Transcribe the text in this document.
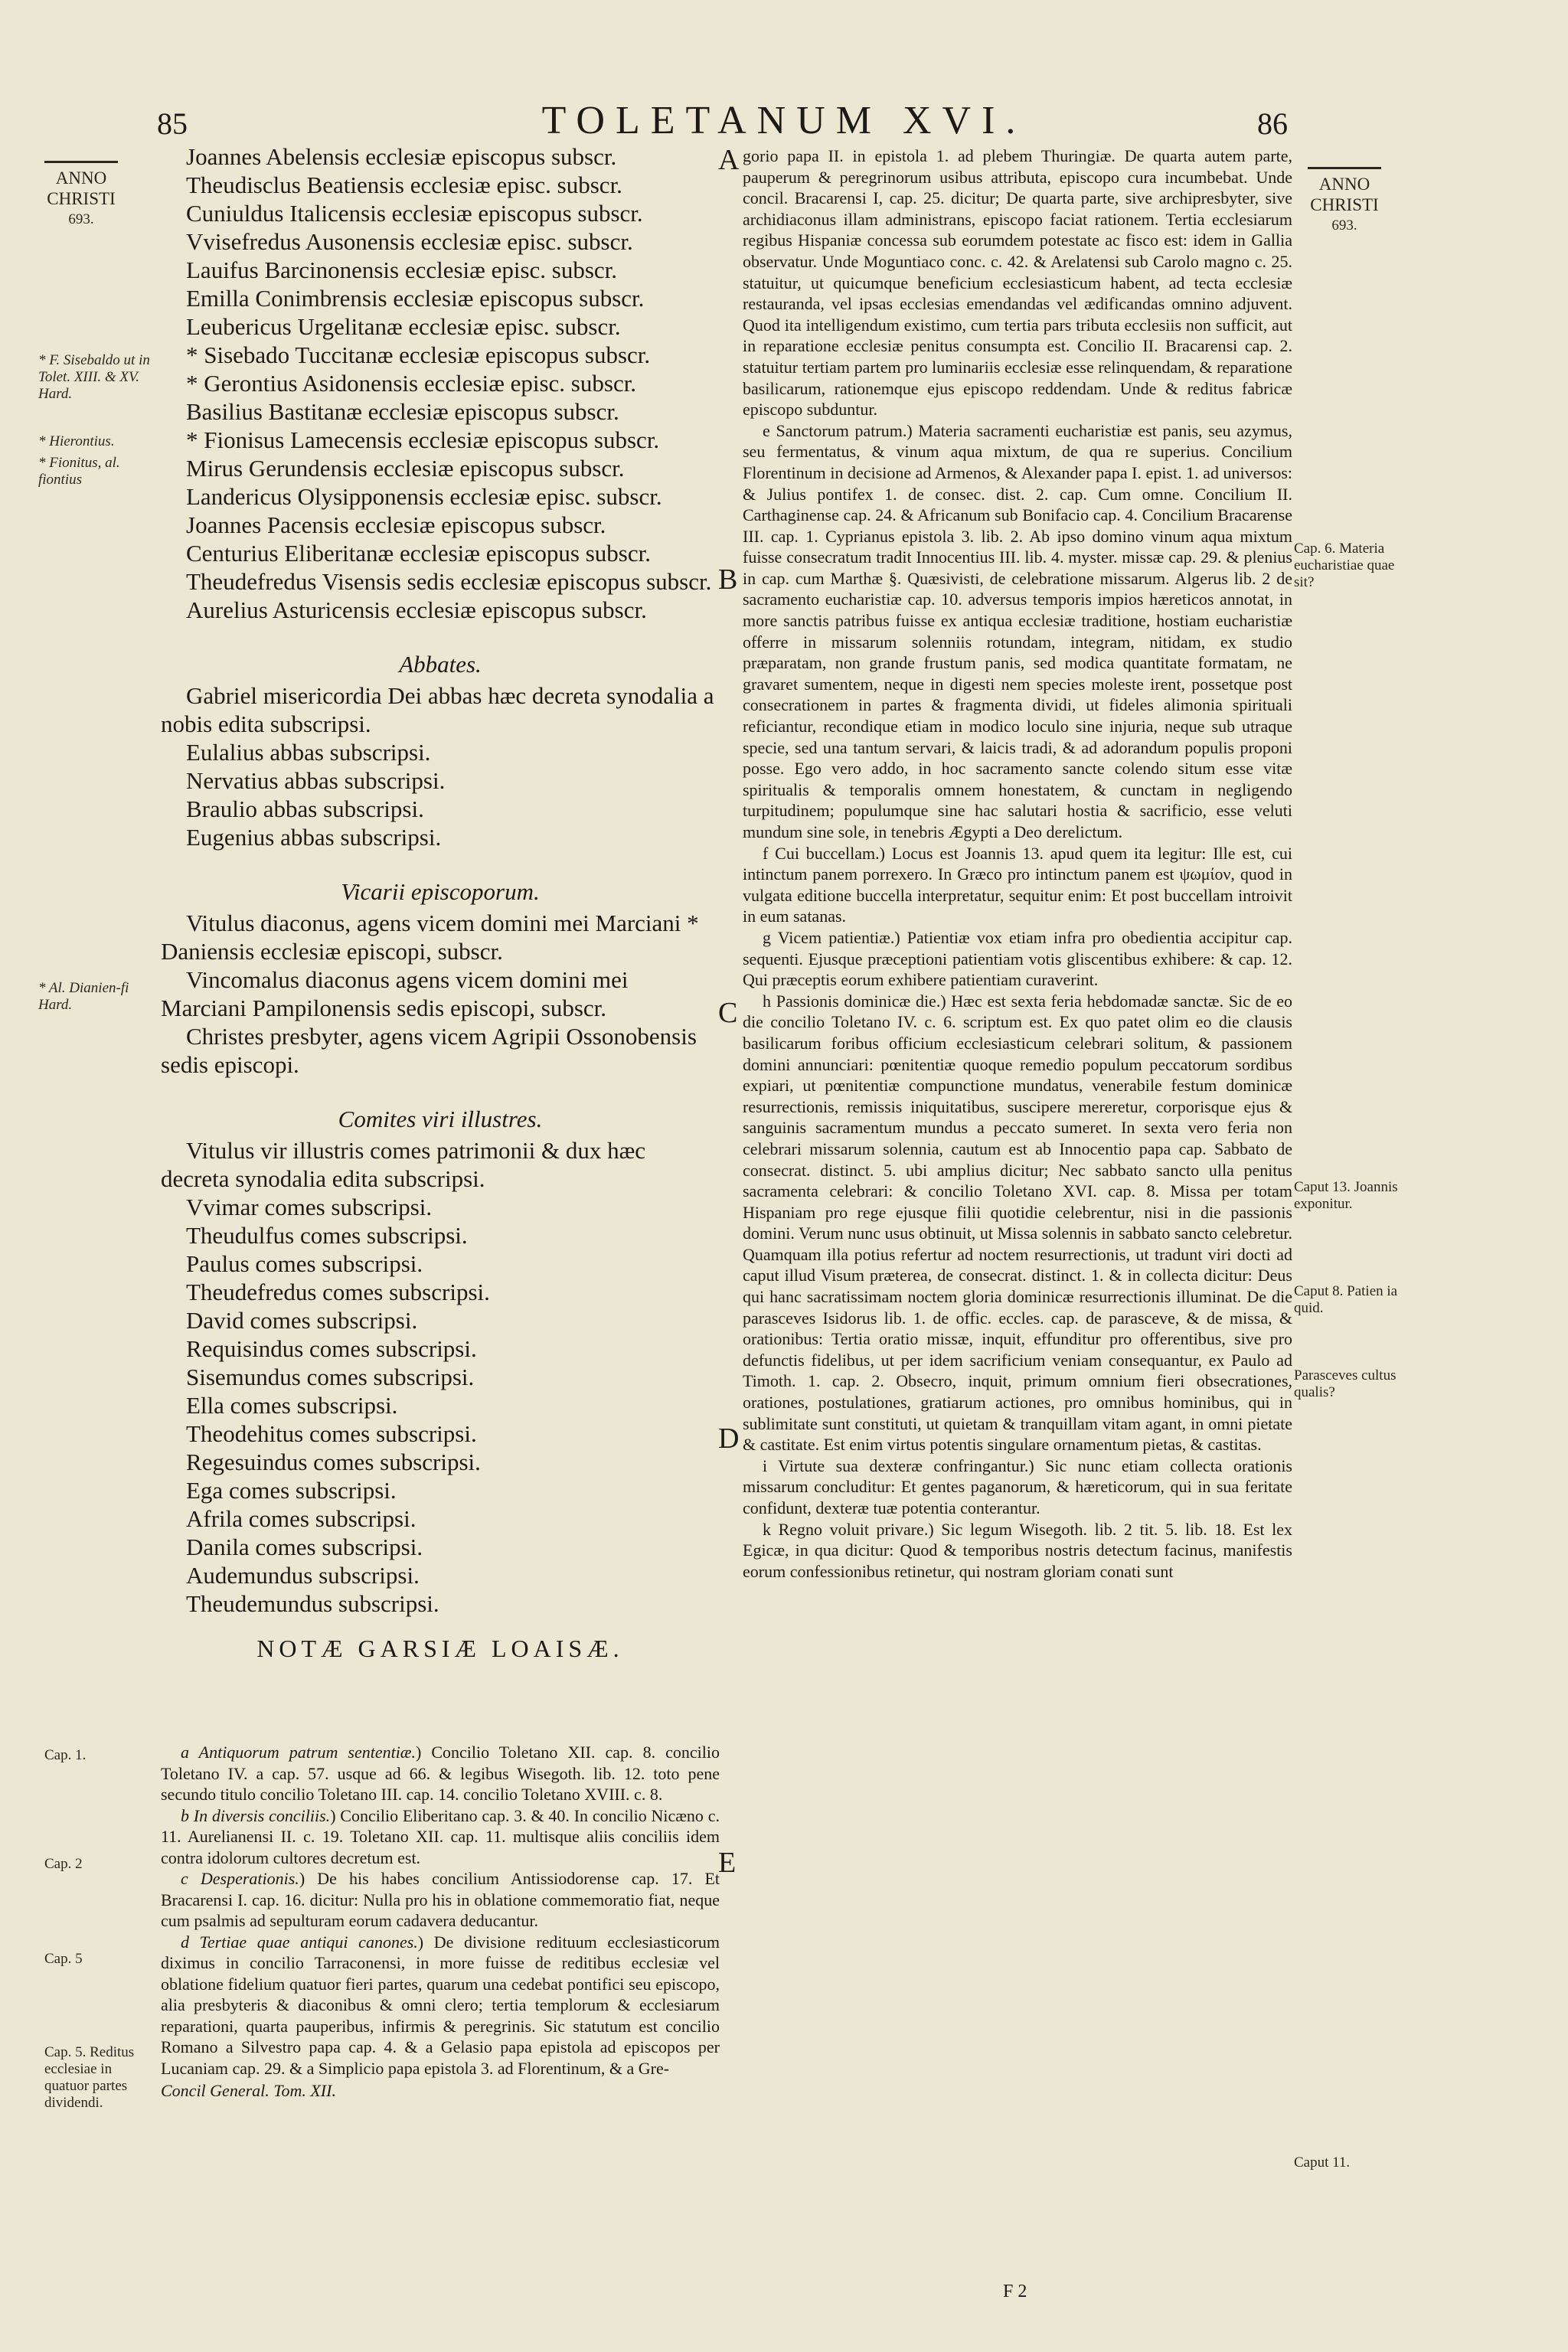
85	TOLETANUM XVI.	86
ANNO
CHRISTI
693.
* F. Sisebaldo ut in Tolet. XIII. & XV. Hard.
* Hierontius.
* Fionitus, al. fiontius
* Al. Dianien-fi Hard.
Cap. 1.
Cap. 2
Cap. 5
Cap. 5. Reditus ecclesiae in quatuor partes dividendi.
ANNO
CHRISTI
693.
Cap. 6. Materia eucharistiae quae sit?
Caput 13. Joannis exponitur.
Caput 8. Patien ia quid.
Parasceves cultus qualis?
Caput 11.
A
B
C
D
E
Joannes Abelensis ecclesiæ episcopus subscr.
Theudisclus Beatiensis ecclesiæ episc. subscr.
Cuniuldus Italicensis ecclesiæ episcopus subscr.
Vvisefredus Ausonensis ecclesiæ episc. subscr.
Lauifus Barcinonensis ecclesiæ episc. subscr.
Emilla Conimbrensis ecclesiæ episcopus subscr.
Leubericus Urgelitanæ ecclesiæ episc. subscr.
* Sisebado Tuccitanæ ecclesiæ episcopus subscr.
* Gerontius Asidonensis ecclesiæ episc. subscr.
Basilius Bastitanæ ecclesiæ episcopus subscr.
* Fionisus Lamecensis ecclesiæ episcopus subscr.
Mirus Gerundensis ecclesiæ episcopus subscr.
Landericus Olysipponensis ecclesiæ episc. subscr.
Joannes Pacensis ecclesiæ episcopus subscr.
Centurius Eliberitanæ ecclesiæ episcopus subscr.
Theudefredus Visensis sedis ecclesiæ episcopus subscr.
Aurelius Asturicensis ecclesiæ episcopus subscr.
Abbates.
Gabriel misericordia Dei abbas hæc decreta synodalia a nobis edita subscripsi.
Eulalius abbas subscripsi.
Nervatius abbas subscripsi.
Braulio abbas subscripsi.
Eugenius abbas subscripsi.
Vicarii episcoporum.
Vitulus diaconus, agens vicem domini mei Marciani * Daniensis ecclesiæ episcopi, subscr.
Vincomalus diaconus agens vicem domini mei Marciani Pampilonensis sedis episcopi, subscr.
Christes presbyter, agens vicem Agripii Ossonobensis sedis episcopi.
Comites viri illustres.
Vitulus vir illustris comes patrimonii & dux hæc decreta synodalia edita subscripsi.
Vvimar comes subscripsi.
Theudulfus comes subscripsi.
Paulus comes subscripsi.
Theudefredus comes subscripsi.
David comes subscripsi.
Requisindus comes subscripsi.
Sisemundus comes subscripsi.
Ella comes subscripsi.
Theodehitus comes subscripsi.
Regesuindus comes subscripsi.
Ega comes subscripsi.
Afrila comes subscripsi.
Danila comes subscripsi.
Audemundus subscripsi.
Theudemundus subscripsi.
NOTÆ GARSIÆ LOAISÆ.

a Antiquorum patrum sententiæ.) Concilio Toletano XII. cap. 8. concilio Toletano IV. a cap. 57. usque ad 66. & legibus Wisegoth. lib. 12. toto pene secundo titulo concilio Toletano III. cap. 14. concilio Toletano XVIII. c. 8.

b In diversis conciliis.) Concilio Eliberitano cap. 3. & 40. In concilio Nicæno c. 11. Aurelianensi II. c. 19. Toletano XII. cap. 11. multisque aliis conciliis idem contra idolorum cultores decretum est.

c Desperationis.) De his habes concilium Antissiodorense cap. 17. Et Bracarensi I. cap. 16. dicitur: Nulla pro his in oblatione commemoratio fiat, neque cum psalmis ad sepulturam eorum cadavera deducantur.

d Tertiae quae antiqui canones.) De divisione redituum ecclesiasticorum diximus in concilio Tarraconensi, in more fuisse de reditibus ecclesiæ vel oblatione fidelium quatuor fieri partes, quarum una cedebat pontifici seu episcopo, alia presbyteris & diaconibus & omni clero; tertia templorum & ecclesiarum reparationi, quarta pauperibus, infirmis & peregrinis. Sic statutum est concilio Romano a Silvestro papa cap. 4. & a Gelasio papa epistola ad episcopos per Lucaniam cap. 29. & a Simplicio papa epistola 3. ad Florentinum, & a Gre-

Concil General. Tom. XII.

gorio papa II. in epistola 1. ad plebem Thuringiæ. De quarta autem parte, pauperum & peregrinorum usibus attributa, episcopo cura incumbebat. Unde concil. Bracarensi I, cap. 25. dicitur; De quarta parte, sive archipresbyter, sive archidiaconus illam administrans, episcopo faciat rationem. Tertia ecclesiarum regibus Hispaniæ concessa sub eorumdem potestate ac fisco est: idem in Gallia observatur. Unde Moguntiaco conc. c. 42. & Arelatensi sub Carolo magno c. 25. statuitur, ut quicumque beneficium ecclesiasticum habent, ad tecta ecclesiæ restauranda, vel ipsas ecclesias emendandas vel ædificandas omnino adjuvent. Quod ita intelligendum existimo, cum tertia pars tributa ecclesiis non sufficit, aut in reparatione ecclesiæ penitus consumpta est. Concilio II. Bracarensi cap. 2. statuitur tertiam partem pro luminariis ecclesiæ esse relinquendam, & reparatione basilicarum, rationemque ejus episcopo reddendam. Unde & reditus fabricæ episcopo subduntur.

e Sanctorum patrum.) Materia sacramenti eucharistiæ est panis, seu azymus, seu fermentatus, & vinum aqua mixtum, de qua re superius. Concilium Florentinum in decisione ad Armenos, & Alexander papa I. epist. 1. ad universos: & Julius pontifex 1. de consec. dist. 2. cap. Cum omne. Concilium II. Carthaginense cap. 24. & Africanum sub Bonifacio cap. 4. Concilium Bracarense III. cap. 1. Cyprianus epistola 3. lib. 2. Ab ipso domino vinum aqua mixtum fuisse consecratum tradit Innocentius III. lib. 4. myster. missæ cap. 29. & plenius in cap. cum Marthæ §. Quæsivisti, de celebratione missarum. Algerus lib. 2 de sacramento eucharistiæ cap. 10. adversus temporis impios hæreticos annotat, in more sanctis patribus fuisse ex antiqua ecclesiæ traditione, hostiam eucharistiæ offerre in missarum solenniis rotundam, integram, nitidam, ex studio præparatam, non grande frustum panis, sed modica quantitate formatam, ne gravaret sumentem, neque in digesti nem species moleste irent, possetque post consecrationem in partes & fragmenta dividi, ut fideles alimonia spirituali reficiantur, recondique etiam in modico loculo sine injuria, neque sub utraque specie, sed una tantum servari, & laicis tradi, & ad adorandum populis proponi posse. Ego vero addo, in hoc sacramento sancte colendo situm esse vitæ spiritualis & temporalis omnem honestatem, & cunctam in negligendo turpitudinem; populumque sine hac salutari hostia & sacrificio, esse veluti mundum sine sole, in tenebris Ægypti a Deo derelictum.

f Cui buccellam.) Locus est Joannis 13. apud quem ita legitur: Ille est, cui intinctum panem porrexero. In Græco pro intinctum panem est ψωμίον, quod in vulgata editione buccella interpretatur, sequitur enim: Et post buccellam introivit in eum satanas.

g Vicem patientiæ.) Patientiæ vox etiam infra pro obedientia accipitur cap. sequenti. Ejusque præceptioni patientiam votis gliscentibus exhibere: & cap. 12. Qui præceptis eorum exhibere patientiam curaverint.

h Passionis dominicæ die.) Hæc est sexta feria hebdomadæ sanctæ. Sic de eo die concilio Toletano IV. c. 6. scriptum est. Ex quo patet olim eo die clausis basilicarum foribus officium ecclesiasticum celebrari solitum, & passionem domini annunciari: pœnitentiæ quoque remedio populum peccatorum sordibus expiari, ut pœnitentiæ compunctione mundatus, venerabile festum dominicæ resurrectionis, remissis iniquitatibus, suscipere mereretur, corporisque ejus & sanguinis sacramentum mundus a peccato sumeret. In sexta vero feria non celebrari missarum solennia, cautum est ab Innocentio papa cap. Sabbato de consecrat. distinct. 5. ubi amplius dicitur; Nec sabbato sancto ulla penitus sacramenta celebrari: & concilio Toletano XVI. cap. 8. Missa per totam Hispaniam pro rege ejusque filii quotidie celebrentur, nisi in die passionis domini. Verum nunc usus obtinuit, ut Missa solennis in sabbato sancto celebretur. Quamquam illa potius refertur ad noctem resurrectionis, ut tradunt viri docti ad caput illud Visum præterea, de consecrat. distinct. 1. & in collecta dicitur: Deus qui hanc sacratissimam noctem gloria dominicæ resurrectionis illuminat. De die parasceves Isidorus lib. 1. de offic. eccles. cap. de parasceve, & de missa, & orationibus: Tertia oratio missæ, inquit, effunditur pro offerentibus, sive pro defunctis fidelibus, ut per idem sacrificium veniam consequantur, ex Paulo ad Timoth. 1. cap. 2. Obsecro, inquit, primum omnium fieri obsecrationes, orationes, postulationes, gratiarum actiones, pro omnibus hominibus, qui in sublimitate sunt constituti, ut quietam & tranquillam vitam agant, in omni pietate & castitate. Est enim virtus potentis singulare ornamentum pietas, & castitas.

i Virtute sua dexteræ confringantur.) Sic nunc etiam collecta orationis missarum concluditur: Et gentes paganorum, & hæreticorum, qui in sua feritate confidunt, dexteræ tuæ potentia conterantur.

k Regno voluit privare.) Sic legum Wisegoth. lib. 2 tit. 5. lib. 18. Est lex Egicæ, in qua dicitur: Quod & temporibus nostris detectum facinus, manifestis eorum confessionibus retinetur, qui nostram gloriam conati sunt

F 2
